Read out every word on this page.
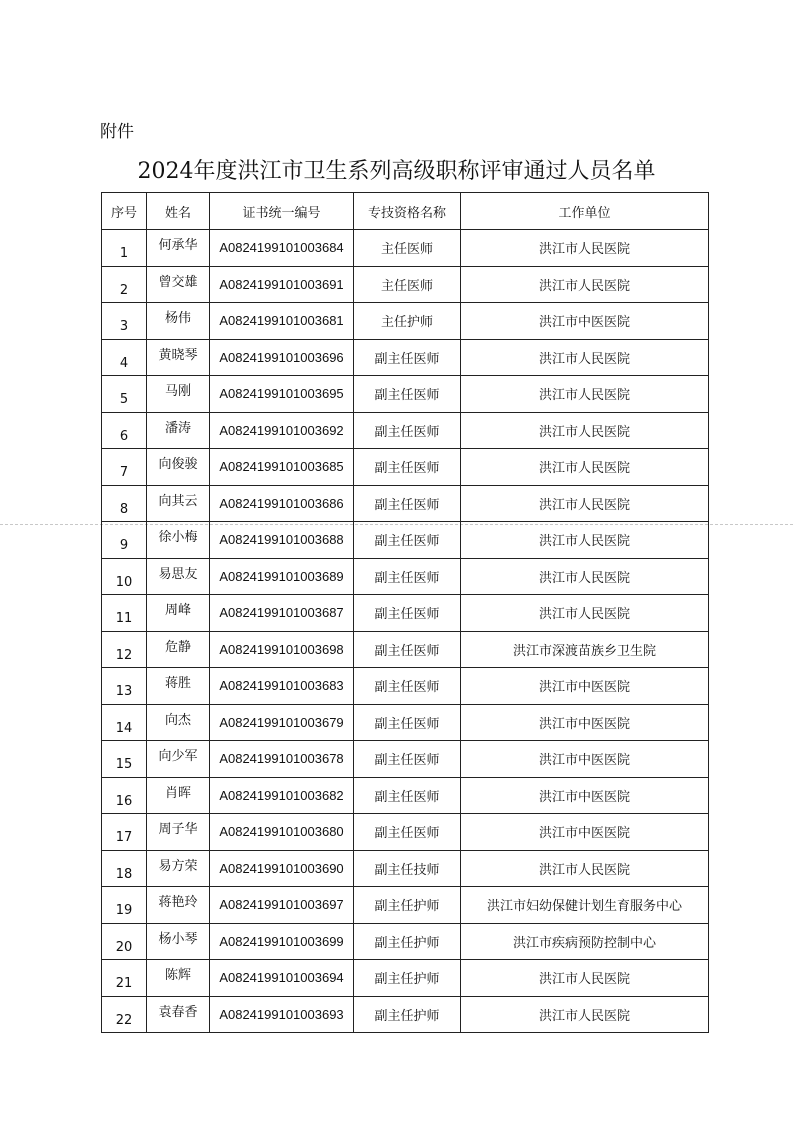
附件
2024年度洪江市卫生系列高级职称评审通过人员名单
序号	姓名	证书统一编号	专技资格名称	工作单位
1	何承华	A0824199101003684	主任医师	洪江市人民医院
2	曾交雄	A0824199101003691	主任医师	洪江市人民医院
3	杨伟	A0824199101003681	主任护师	洪江市中医医院
4	黄晓琴	A0824199101003696	副主任医师	洪江市人民医院
5	马刚	A0824199101003695	副主任医师	洪江市人民医院
6	潘涛	A0824199101003692	副主任医师	洪江市人民医院
7	向俊骏	A0824199101003685	副主任医师	洪江市人民医院
8	向其云	A0824199101003686	副主任医师	洪江市人民医院
9	徐小梅	A0824199101003688	副主任医师	洪江市人民医院
10	易思友	A0824199101003689	副主任医师	洪江市人民医院
11	周峰	A0824199101003687	副主任医师	洪江市人民医院
12	危静	A0824199101003698	副主任医师	洪江市深渡苗族乡卫生院
13	蒋胜	A0824199101003683	副主任医师	洪江市中医医院
14	向杰	A0824199101003679	副主任医师	洪江市中医医院
15	向少军	A0824199101003678	副主任医师	洪江市中医医院
16	肖晖	A0824199101003682	副主任医师	洪江市中医医院
17	周子华	A0824199101003680	副主任医师	洪江市中医医院
18	易方荣	A0824199101003690	副主任技师	洪江市人民医院
19	蒋艳玲	A0824199101003697	副主任护师	洪江市妇幼保健计划生育服务中心
20	杨小琴	A0824199101003699	副主任护师	洪江市疾病预防控制中心
21	陈辉	A0824199101003694	副主任护师	洪江市人民医院
22	袁春香	A0824199101003693	副主任护师	洪江市人民医院
